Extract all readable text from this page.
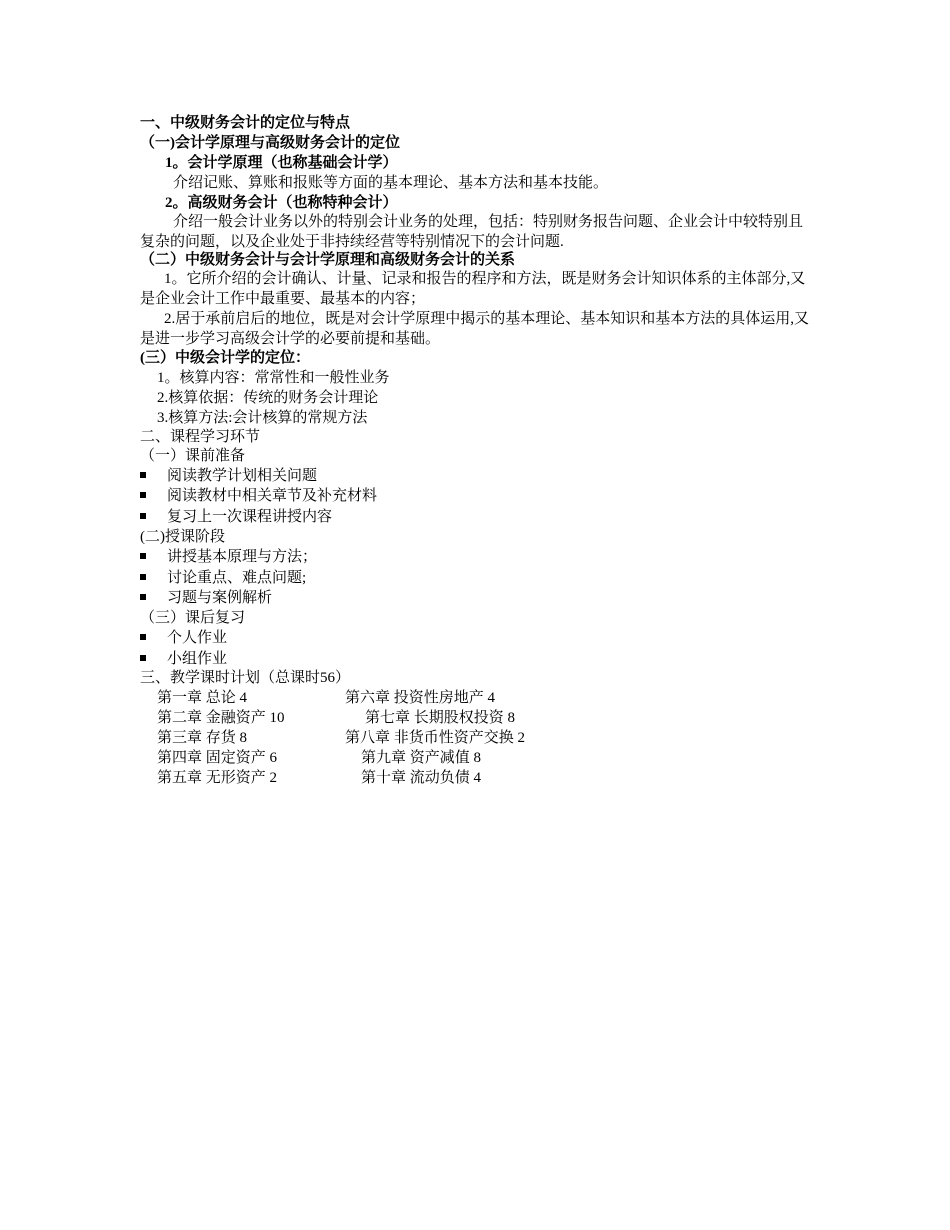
一、中级财务会计的定位与特点
（一)会计学原理与高级财务会计的定位
1。会计学原理（也称基础会计学）
介绍记账、算账和报账等方面的基本理论、基本方法和基本技能。
2。高级财务会计（也称特种会计）
介绍一般会计业务以外的特别会计业务的处理，包括：特别财务报告问题、企业会计中较特别且复杂的问题，以及企业处于非持续经营等特别情况下的会计问题.
（二）中级财务会计与会计学原理和高级财务会计的关系
1。它所介绍的会计确认、计量、记录和报告的程序和方法，既是财务会计知识体系的主体部分,又是企业会计工作中最重要、最基本的内容；
2.居于承前启后的地位，既是对会计学原理中揭示的基本理论、基本知识和基本方法的具体运用,又是进一步学习高级会计学的必要前提和基础。
(三）中级会计学的定位：
1。核算内容：常常性和一般性业务
2.核算依据：传统的财务会计理论
3.核算方法:会计核算的常规方法
二、课程学习环节
（一）课前准备
阅读教学计划相关问题
阅读教材中相关章节及补充材料
复习上一次课程讲授内容
(二)授课阶段
讲授基本原理与方法；
讨论重点、难点问题;
习题与案例解析
（三）课后复习
个人作业
小组作业
三、教学课时计划（总课时56）
第一章 总论 4
第二章 金融资产 10
第三章 存货 8
第四章 固定资产 6
第五章 无形资产 2
第六章 投资性房地产 4
第七章 长期股权投资 8
第八章 非货币性资产交换 2
第九章 资产减值 8
第十章 流动负债 4
